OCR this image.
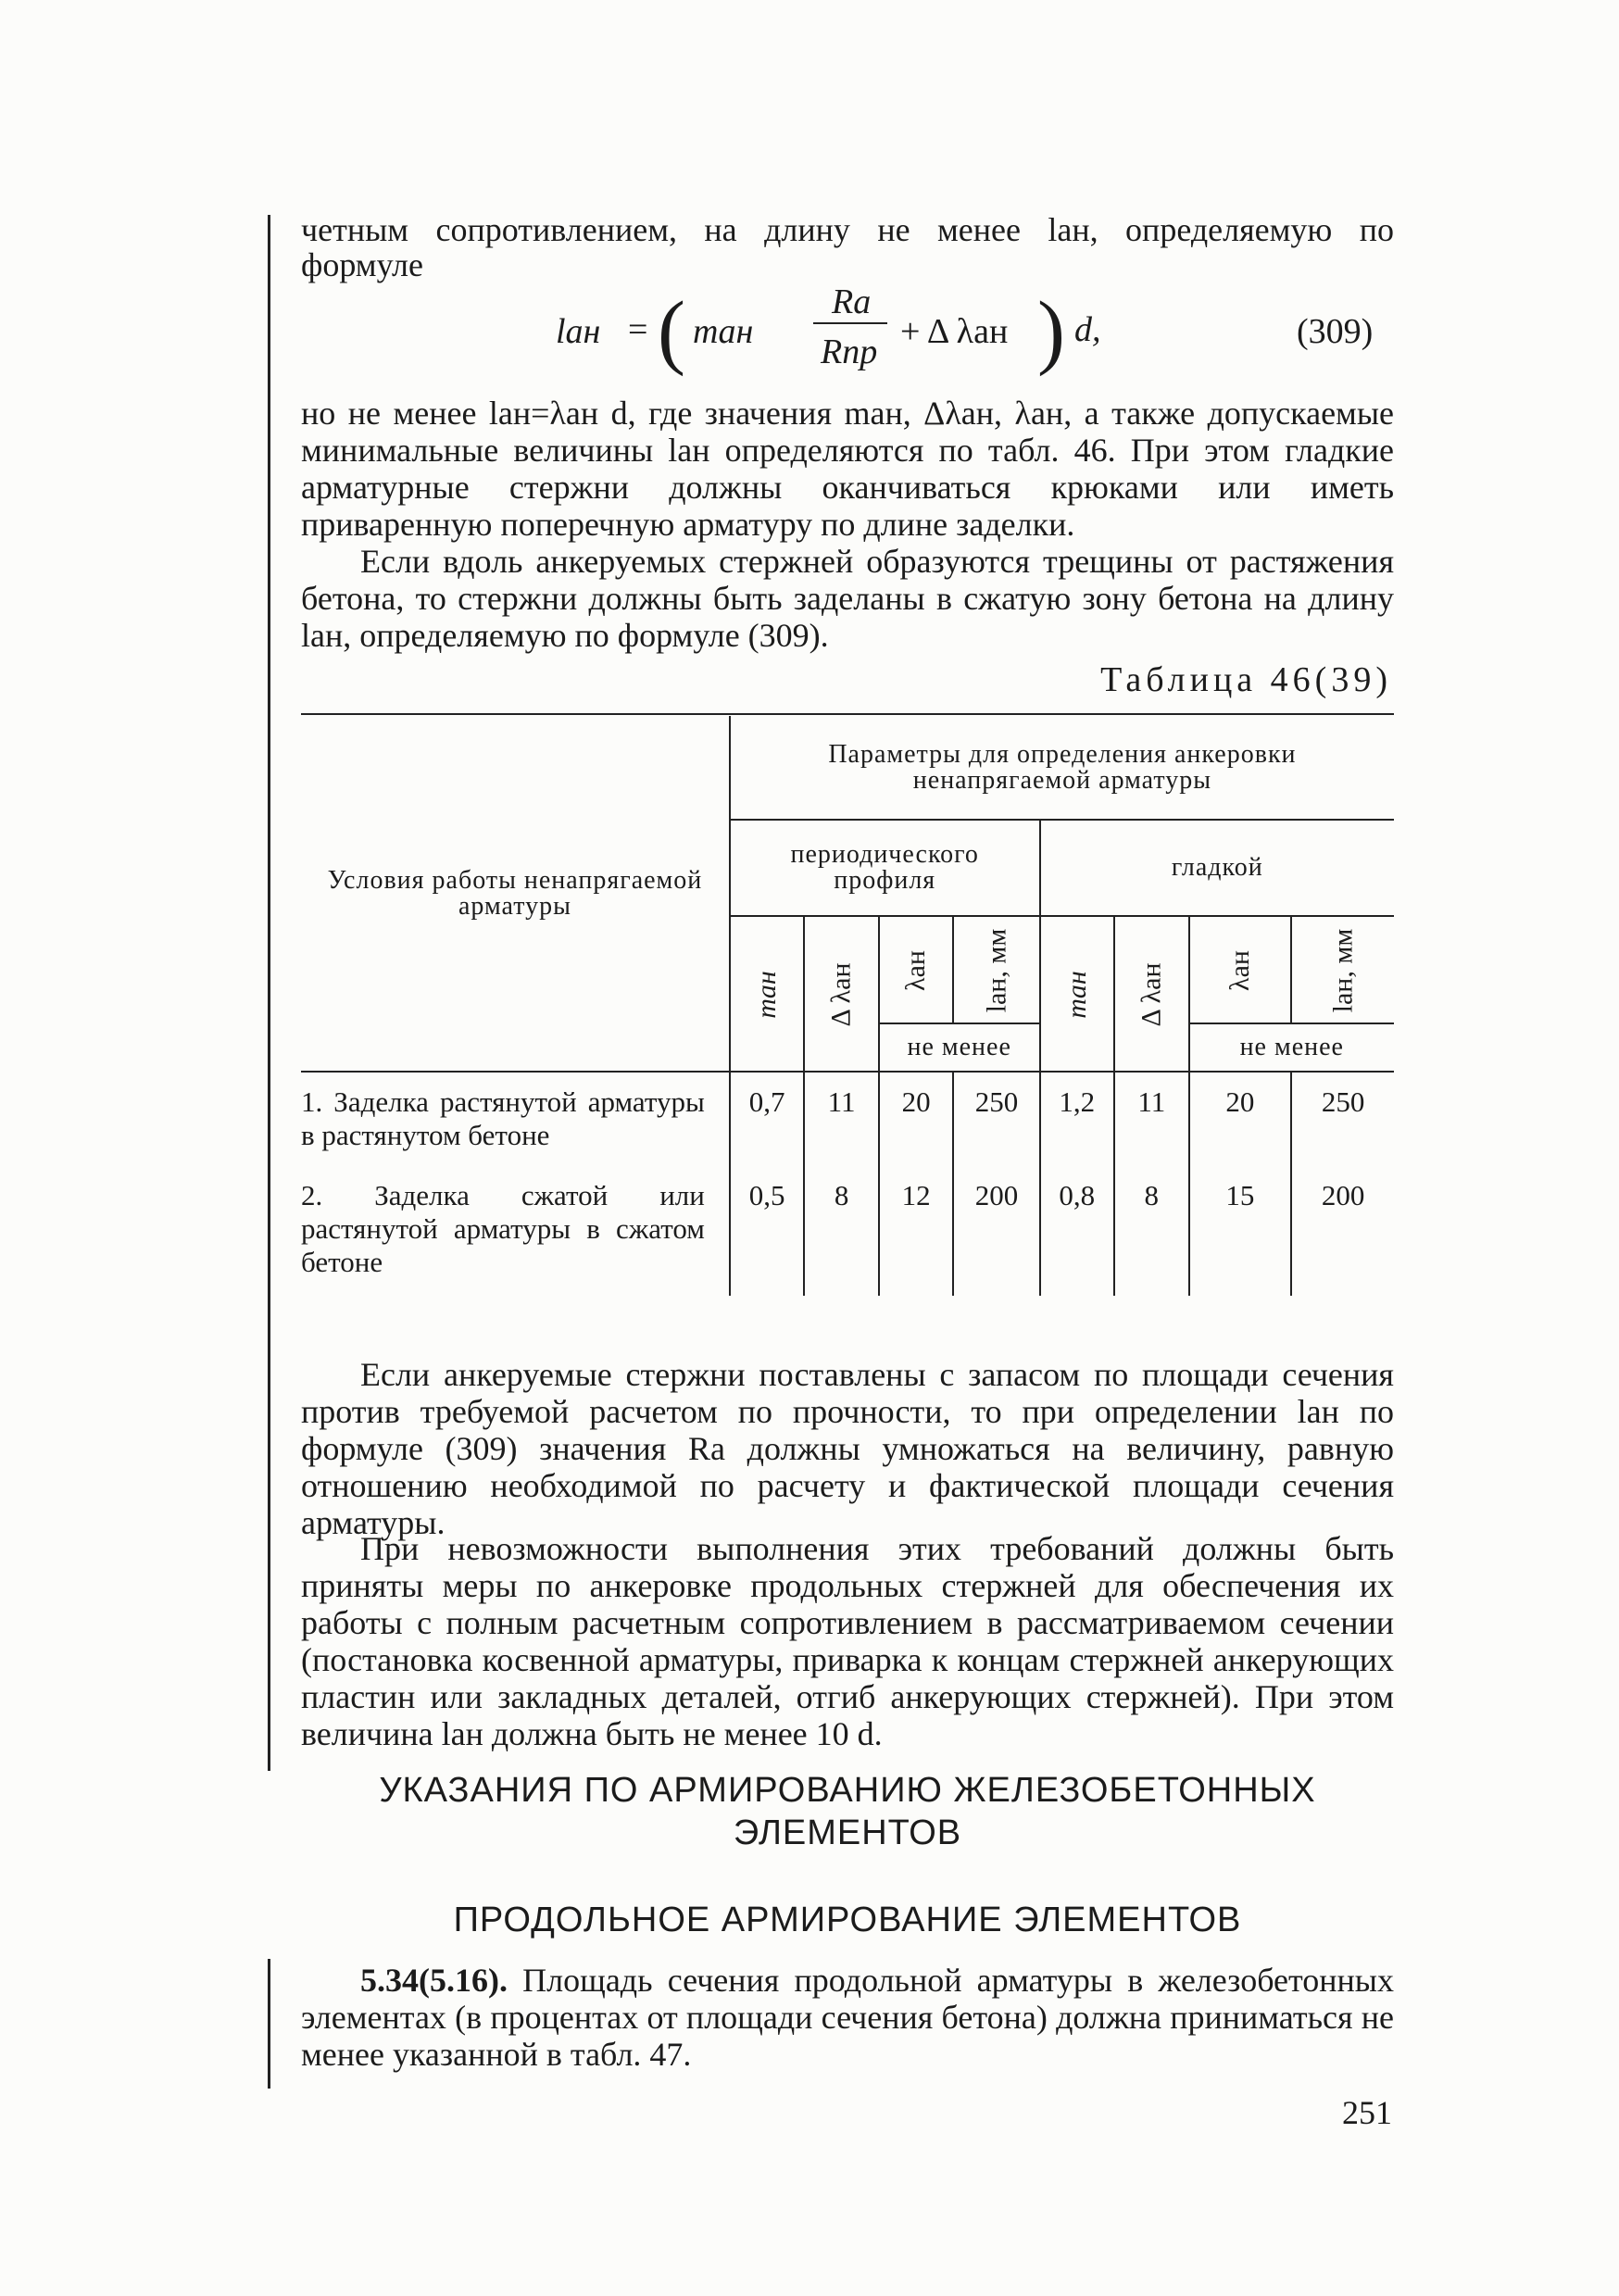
четным сопротивлением, на длину не менее lан, определяемую по

формуле

lан = ( mан
Ra
Rпр
+ Δ λан ) d,	(309)

но не менее lан=λан d, где значения mан, Δλан, λан, а также допускаемые минимальные величины lан определяются по табл. 46. При этом гладкие арматурные стержни должны оканчиваться крюками или иметь приваренную поперечную арматуру по длине заделки.

Если вдоль анкеруемых стержней образуются трещины от растяжения бетона, то стержни должны быть заделаны в сжатую зону бетона на длину lан, определяемую по формуле (309).

Таблица 46(39)

Условия работы ненапрягаемой арматуры	Параметры для определения анкеровки ненапрягаемой арматуры							
	периодического профиля				гладкой			
	mан	Δ λан	λан	lан, мм	mан	Δ λан	λан	lан, мм
			не менее				не менее	
1. Заделка растянутой арматуры в растянутом бетоне	0,7	11	20	250	1,2	11	20	250
2. Заделка сжатой или растянутой арматуры в сжатом бетоне	0,5	8	12	200	0,8	8	15	200

Если анкеруемые стержни поставлены с запасом по площади сечения против требуемой расчетом по прочности, то при определении lан по формуле (309) значения Ra должны умножаться на величину, равную отношению необходимой по расчету и фактической площади сечения арматуры.

При невозможности выполнения этих требований должны быть приняты меры по анкеровке продольных стержней для обеспечения их работы с полным расчетным сопротивлением в рассматриваемом сечении (постановка косвенной арматуры, приварка к концам стержней анкерующих пластин или закладных деталей, отгиб анкерующих стержней). При этом величина lан должна быть не менее 10 d.

УКАЗАНИЯ ПО АРМИРОВАНИЮ ЖЕЛЕЗОБЕТОННЫХ
ЭЛЕМЕНТОВ
ПРОДОЛЬНОЕ АРМИРОВАНИЕ ЭЛЕМЕНТОВ

5.34(5.16). Площадь сечения продольной арматуры в железобетонных элементах (в процентах от площади сечения бетона) должна приниматься не менее указанной в табл. 47.

251
